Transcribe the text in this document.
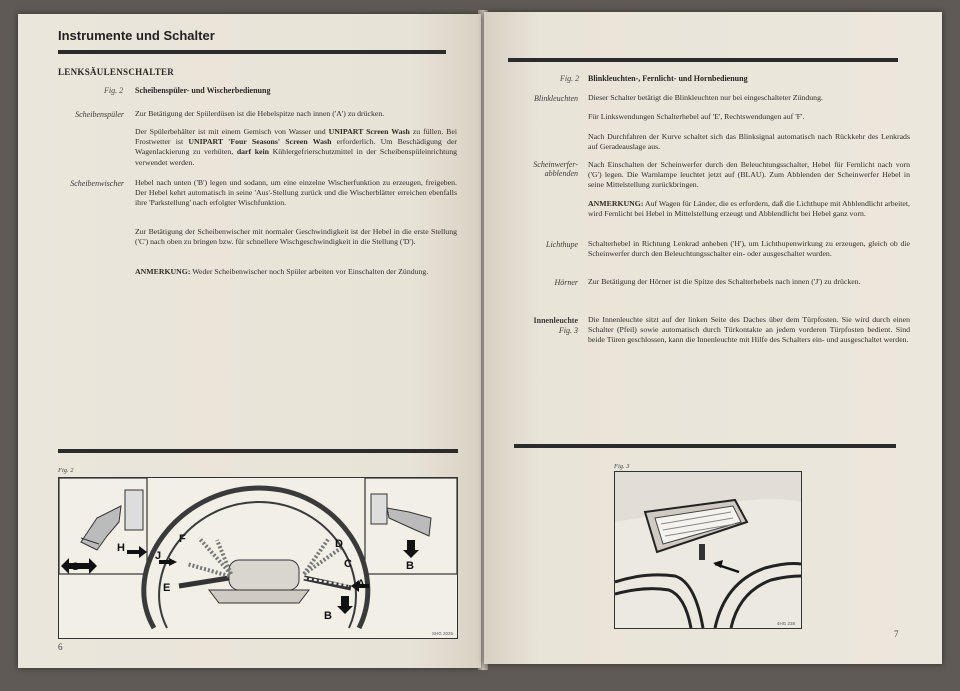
Instrumente und Schalter
LENKSÄULENSCHALTER
Fig. 2 Scheibenspüler- und Wischerbedienung
Scheibenspüler Zur Betätigung der Spülerdüsen ist die Hebelspitze nach innen ('A') zu drücken.
Der Spülerbehälter ist mit einem Gemisch von Wasser und UNIPART Screen Wash zu füllen. Bei Frostwetter ist UNIPART 'Four Seasons' Screen Wash erforderlich. Um Beschädigung der Wagenlackierung zu verhüten, darf kein Kühlergefrierschutzmittel in der Scheibenspüleinrichtung verwendet werden.
Scheibenwischer Hebel nach unten ('B') legen und sodann, um eine einzelne Wischerfunktion zu erzeugen, freigeben. Der Hebel kehrt automatisch in seine 'Aus'-Stellung zurück und die Wischerblätter erreichen ebenfalls ihre 'Parkstellung' nach erfolgter Wischfunktion.
Zur Betätigung der Scheibenwischer mit normaler Geschwindigkeit ist der Hebel in die erste Stellung ('C') nach oben zu bringen bzw. für schnellere Wischgeschwindigkeit in die Stellung ('D').
ANMERKUNG: Weder Scheibenwischer noch Spüler arbeiten vor Einschalten der Zündung.
Fig. 2
G
H
J
F
E
D
C
A
B
B
SHG 2025
6
Fig. 2 Blinkleuchten-, Fernlicht- und Hornbedienung
Blinkleuchten Dieser Schalter betätigt die Blinkleuchten nur bei eingeschalteter Zündung.
Für Linkswendungen Schalterhebel auf 'E', Rechtswendungen auf 'F'.
Nach Durchfahren der Kurve schaltet sich das Blinksignal automatisch nach Rückkehr des Lenkrads auf Geradeauslage aus.
Scheinwerfer-
abblenden
Nach Einschalten der Scheinwerfer durch den Beleuchtungsschalter, Hebel für Fernlicht nach vorn ('G') legen. Die Warnlampe leuchtet jetzt auf (BLAU). Zum Abblenden der Scheinwerfer Hebel in seine Mittelstellung zurückbringen.
ANMERKUNG: Auf Wagen für Länder, die es erfordern, daß die Lichthupe mit Abblendlicht arbeitet, wird Fernlicht bei Hebel in Mittelstellung erzeugt und Abblendlicht bei Hebel ganz vorn.
Lichthupe Schalterhebel in Richtung Lenkrad anheben ('H'), um Lichthupenwirkung zu erzeugen, gleich ob die Scheinwerfer durch den Beleuchtungsschalter ein- oder ausgeschaltet wurden.
Hörner Zur Betätigung der Hörner ist die Spitze des Schalterhebels nach innen ('J') zu drücken.
Innenleuchte
Fig. 3
Die Innenleuchte sitzt auf der linken Seite des Daches über dem Türpfosten. Sie wird durch einen Schalter (Pfeil) sowie automatisch durch Türkontakte an jedem vorderen Türpfosten bedient. Sind beide Türen geschlossen, kann die Innenleuchte mit Hilfe des Schalters ein- und ausgeschaltet werden.
Fig. 3
4HG 238
7
